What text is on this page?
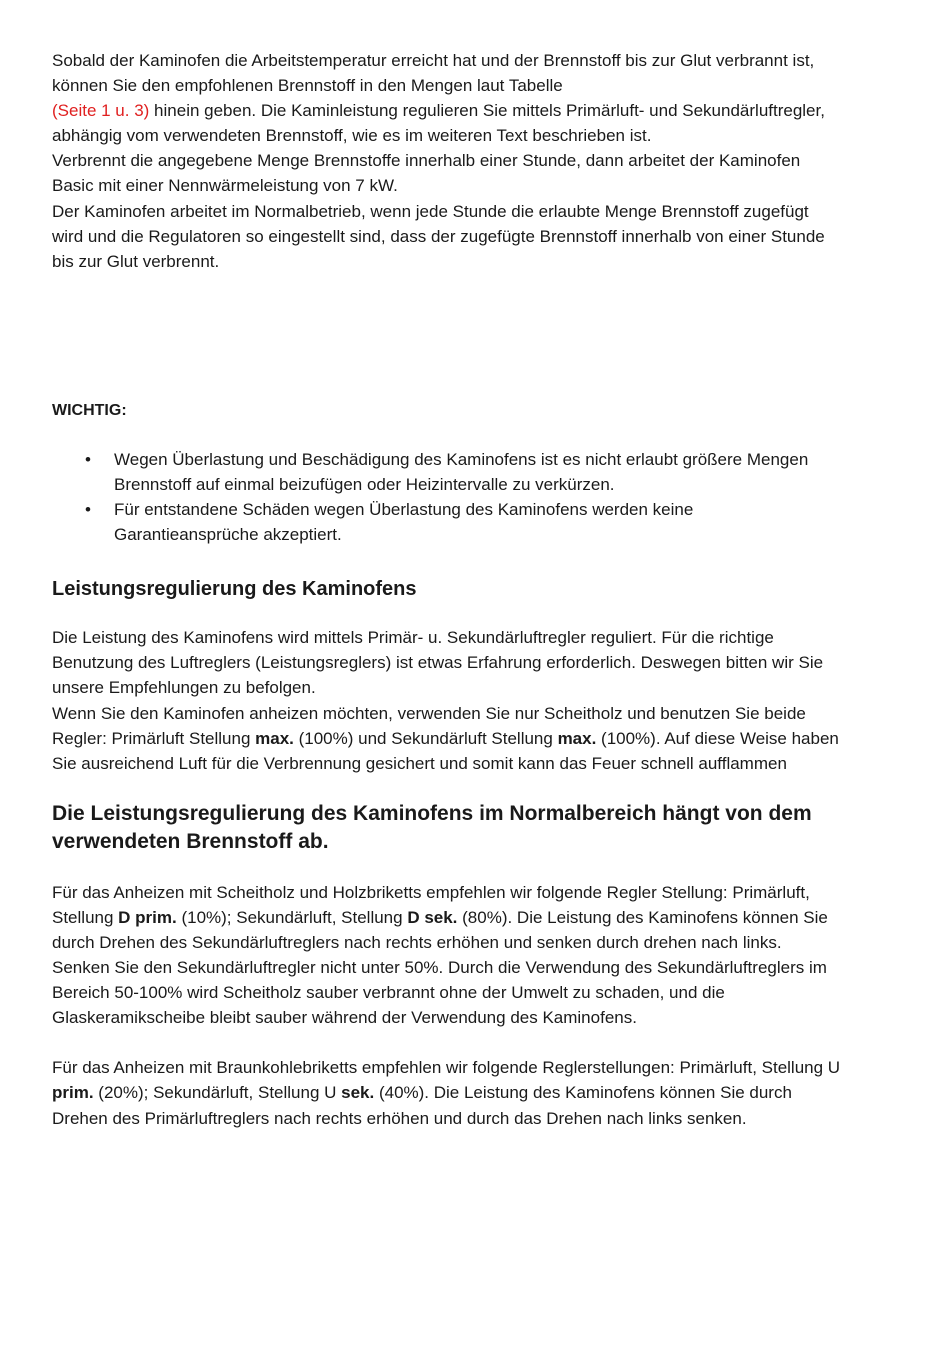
Sobald der Kaminofen die Arbeitstemperatur erreicht hat und der Brennstoff bis zur Glut verbrannt ist, können Sie den empfohlenen Brennstoff in den Mengen laut Tabelle
(Seite 1 u. 3) hinein geben. Die Kaminleistung regulieren Sie mittels Primärluft- und Sekundärluftregler, abhängig vom verwendeten Brennstoff, wie es im weiteren Text beschrieben ist.

Verbrennt die angegebene Menge Brennstoffe innerhalb einer Stunde, dann arbeitet der Kaminofen Basic mit einer Nennwärmeleistung von 7 kW.

Der Kaminofen arbeitet im Normalbetrieb, wenn jede Stunde die erlaubte Menge Brennstoff zugefügt wird und die Regulatoren so eingestellt sind, dass der zugefügte Brennstoff innerhalb von einer Stunde bis zur Glut verbrennt.

WICHTIG:

• Wegen Überlastung und Beschädigung des Kaminofens ist es nicht erlaubt größere Mengen Brennstoff auf einmal beizufügen oder Heizintervalle zu verkürzen.
• Für entstandene Schäden wegen Überlastung des Kaminofens werden keine Garantieansprüche akzeptiert.
Leistungsregulierung des Kaminofens

Die Leistung des Kaminofens wird mittels Primär- u. Sekundärluftregler reguliert. Für die richtige Benutzung des Luftreglers (Leistungsreglers) ist etwas Erfahrung erforderlich. Deswegen bitten wir Sie unsere Empfehlungen zu befolgen.

Wenn Sie den Kaminofen anheizen möchten, verwenden Sie nur Scheitholz und benutzen Sie beide Regler: Primärluft Stellung max. (100%) und Sekundärluft Stellung max. (100%). Auf diese Weise haben Sie ausreichend Luft für die Verbrennung gesichert und somit kann das Feuer schnell aufflammen

Die Leistungsregulierung des Kaminofens im Normalbereich hängt von dem verwendeten Brennstoff ab.

Für das Anheizen mit Scheitholz und Holzbriketts empfehlen wir folgende Regler Stellung: Primärluft, Stellung D prim. (10%); Sekundärluft, Stellung D sek. (80%). Die Leistung des Kaminofens können Sie durch Drehen des Sekundärluftreglers nach rechts erhöhen und senken durch drehen nach links. Senken Sie den Sekundärluftregler nicht unter 50%. Durch die Verwendung des Sekundärluftreglers im Bereich 50-100% wird Scheitholz sauber verbrannt ohne der Umwelt zu schaden, und die Glaskeramikscheibe bleibt sauber während der Verwendung des Kaminofens.

Für das Anheizen mit Braunkohlebriketts empfehlen wir folgende Reglerstellungen: Primärluft, Stellung U prim. (20%); Sekundärluft, Stellung U sek. (40%). Die Leistung des Kaminofens können Sie durch Drehen des Primärluftreglers nach rechts erhöhen und durch das Drehen nach links senken.
